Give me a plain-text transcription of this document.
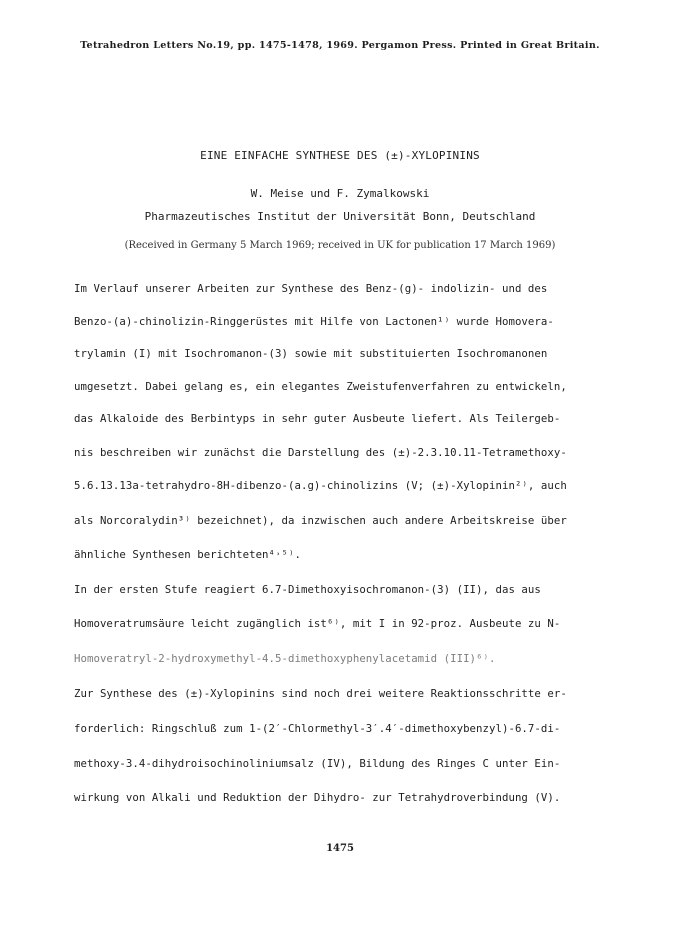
Tetrahedron Letters No.19, pp. 1475-1478, 1969. Pergamon Press. Printed in Great Britain.
EINE EINFACHE SYNTHESE DES (±)-XYLOPININS
W. Meise und F. Zymalkowski
Pharmazeutisches Institut der Universität Bonn, Deutschland
(Received in Germany 5 March 1969; received in UK for publication 17 March 1969)
Im Verlauf unserer Arbeiten zur Synthese des Benz-(g)- indolizin- und des
Benzo-(a)-chinolizin-Ringgerüstes mit Hilfe von Lactonen¹⁾ wurde Homovera-
trylamin (I) mit Isochromanon-(3) sowie mit substituierten Isochromanonen
umgesetzt. Dabei gelang es, ein elegantes Zweistufenverfahren zu entwickeln,
das Alkaloide des Berbintyps in sehr guter Ausbeute liefert. Als Teilergeb-
nis beschreiben wir zunächst die Darstellung des (±)-2.3.10.11-Tetramethoxy-
5.6.13.13a-tetrahydro-8H-dibenzo-(a.g)-chinolizins (V; (±)-Xylopinin²⁾, auch
als Norcoralydin³⁾ bezeichnet), da inzwischen auch andere Arbeitskreise über
ähnliche Synthesen berichteten⁴˒⁵⁾.
In der ersten Stufe reagiert 6.7-Dimethoxyisochromanon-(3) (II), das aus
Homoveratrumsäure leicht zugänglich ist⁶⁾, mit I in 92-proz. Ausbeute zu N-
Homoveratryl-2-hydroxymethyl-4.5-dimethoxyphenylacetamid (III)⁶⁾.
Zur Synthese des (±)-Xylopinins sind noch drei weitere Reaktionsschritte er-
forderlich: Ringschluß zum 1-(2′-Chlormethyl-3′.4′-dimethoxybenzyl)-6.7-di-
methoxy-3.4-dihydroisochinoliniumsalz (IV), Bildung des Ringes C unter Ein-
wirkung von Alkali und Reduktion der Dihydro- zur Tetrahydroverbindung (V).
1475
